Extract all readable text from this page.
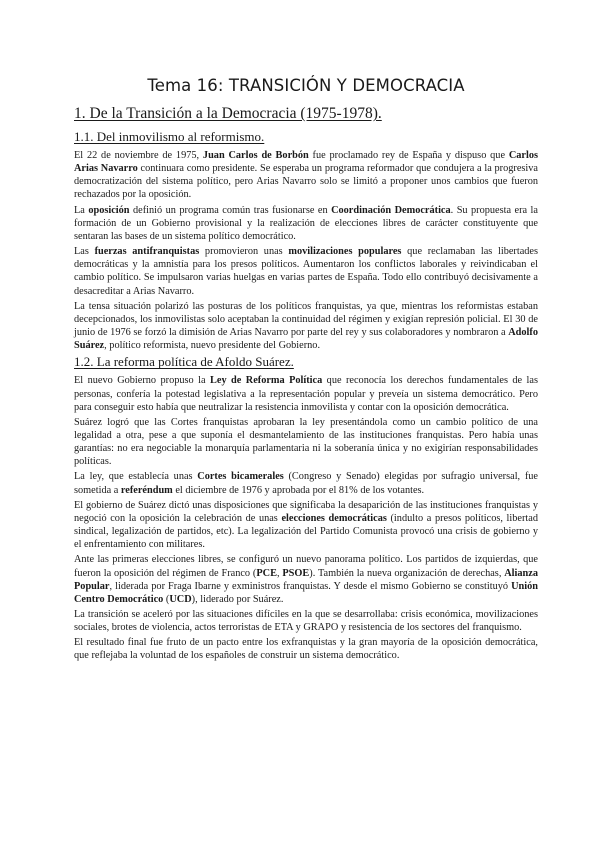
Tema 16: TRANSICIÓN Y DEMOCRACIA
1. De la Transición a la Democracia (1975-1978).
1.1. Del inmovilismo al reformismo.

El 22 de noviembre de 1975, Juan Carlos de Borbón fue proclamado rey de España y dispuso que Carlos Arias Navarro continuara como presidente. Se esperaba un programa reformador que condujera a la progresiva democratización del sistema político, pero Arias Navarro solo se limitó a proponer unos cambios que fueron rechazados por la oposición.

La oposición definió un programa común tras fusionarse en Coordinación Democrática. Su propuesta era la formación de un Gobierno provisional y la realización de elecciones libres de carácter constituyente que sentaran las bases de un sistema político democrático.

Las fuerzas antifranquistas promovieron unas movilizaciones populares que reclamaban las libertades democráticas y la amnistía para los presos políticos. Aumentaron los conflictos laborales y reivindicaban el cambio político. Se impulsaron varias huelgas en varias partes de España. Todo ello contribuyó decisivamente a desacreditar a Arias Navarro.

La tensa situación polarizó las posturas de los políticos franquistas, ya que, mientras los reformistas estaban decepcionados, los inmovilistas solo aceptaban la continuidad del régimen y exigían represión policial. El 30 de junio de 1976 se forzó la dimisión de Arias Navarro por parte del rey y sus colaboradores y nombraron a Adolfo Suárez, político reformista, nuevo presidente del Gobierno.

1.2. La reforma política de Afoldo Suárez.

El nuevo Gobierno propuso la Ley de Reforma Política que reconocía los derechos fundamentales de las personas, confería la potestad legislativa a la representación popular y preveía un sistema democrático. Pero para conseguir esto había que neutralizar la resistencia inmovilista y contar con la oposición democrática.

Suárez logró que las Cortes franquistas aprobaran la ley presentándola como un cambio político de una legalidad a otra, pese a que suponía el desmantelamiento de las instituciones franquistas. Pero había unas garantías: no era negociable la monarquía parlamentaria ni la soberanía única y no exigirían responsabilidades políticas.

La ley, que establecía unas Cortes bicamerales (Congreso y Senado) elegidas por sufragio universal, fue sometida a referéndum el diciembre de 1976 y aprobada por el 81% de los votantes.

El gobierno de Suárez dictó unas disposiciones que significaba la desaparición de las instituciones franquistas y negoció con la oposición la celebración de unas elecciones democráticas (indulto a presos políticos, libertad sindical, legalización de partidos, etc). La legalización del Partido Comunista provocó una crisis de gobierno y el enfrentamiento con militares.

Ante las primeras elecciones libres, se configuró un nuevo panorama político. Los partidos de izquierdas, que fueron la oposición del régimen de Franco (PCE, PSOE). También la nueva organización de derechas, Alianza Popular, liderada por Fraga Ibarne y exministros franquistas. Y desde el mismo Gobierno se constituyó Unión Centro Democrático (UCD), liderado por Suárez.

La transición se aceleró por las situaciones difíciles en la que se desarrollaba: crisis económica, movilizaciones sociales, brotes de violencia, actos terroristas de ETA y GRAPO y resistencia de los sectores del franquismo.

El resultado final fue fruto de un pacto entre los exfranquistas y la gran mayoría de la oposición democrática, que reflejaba la voluntad de los españoles de construir un sistema democrático.
